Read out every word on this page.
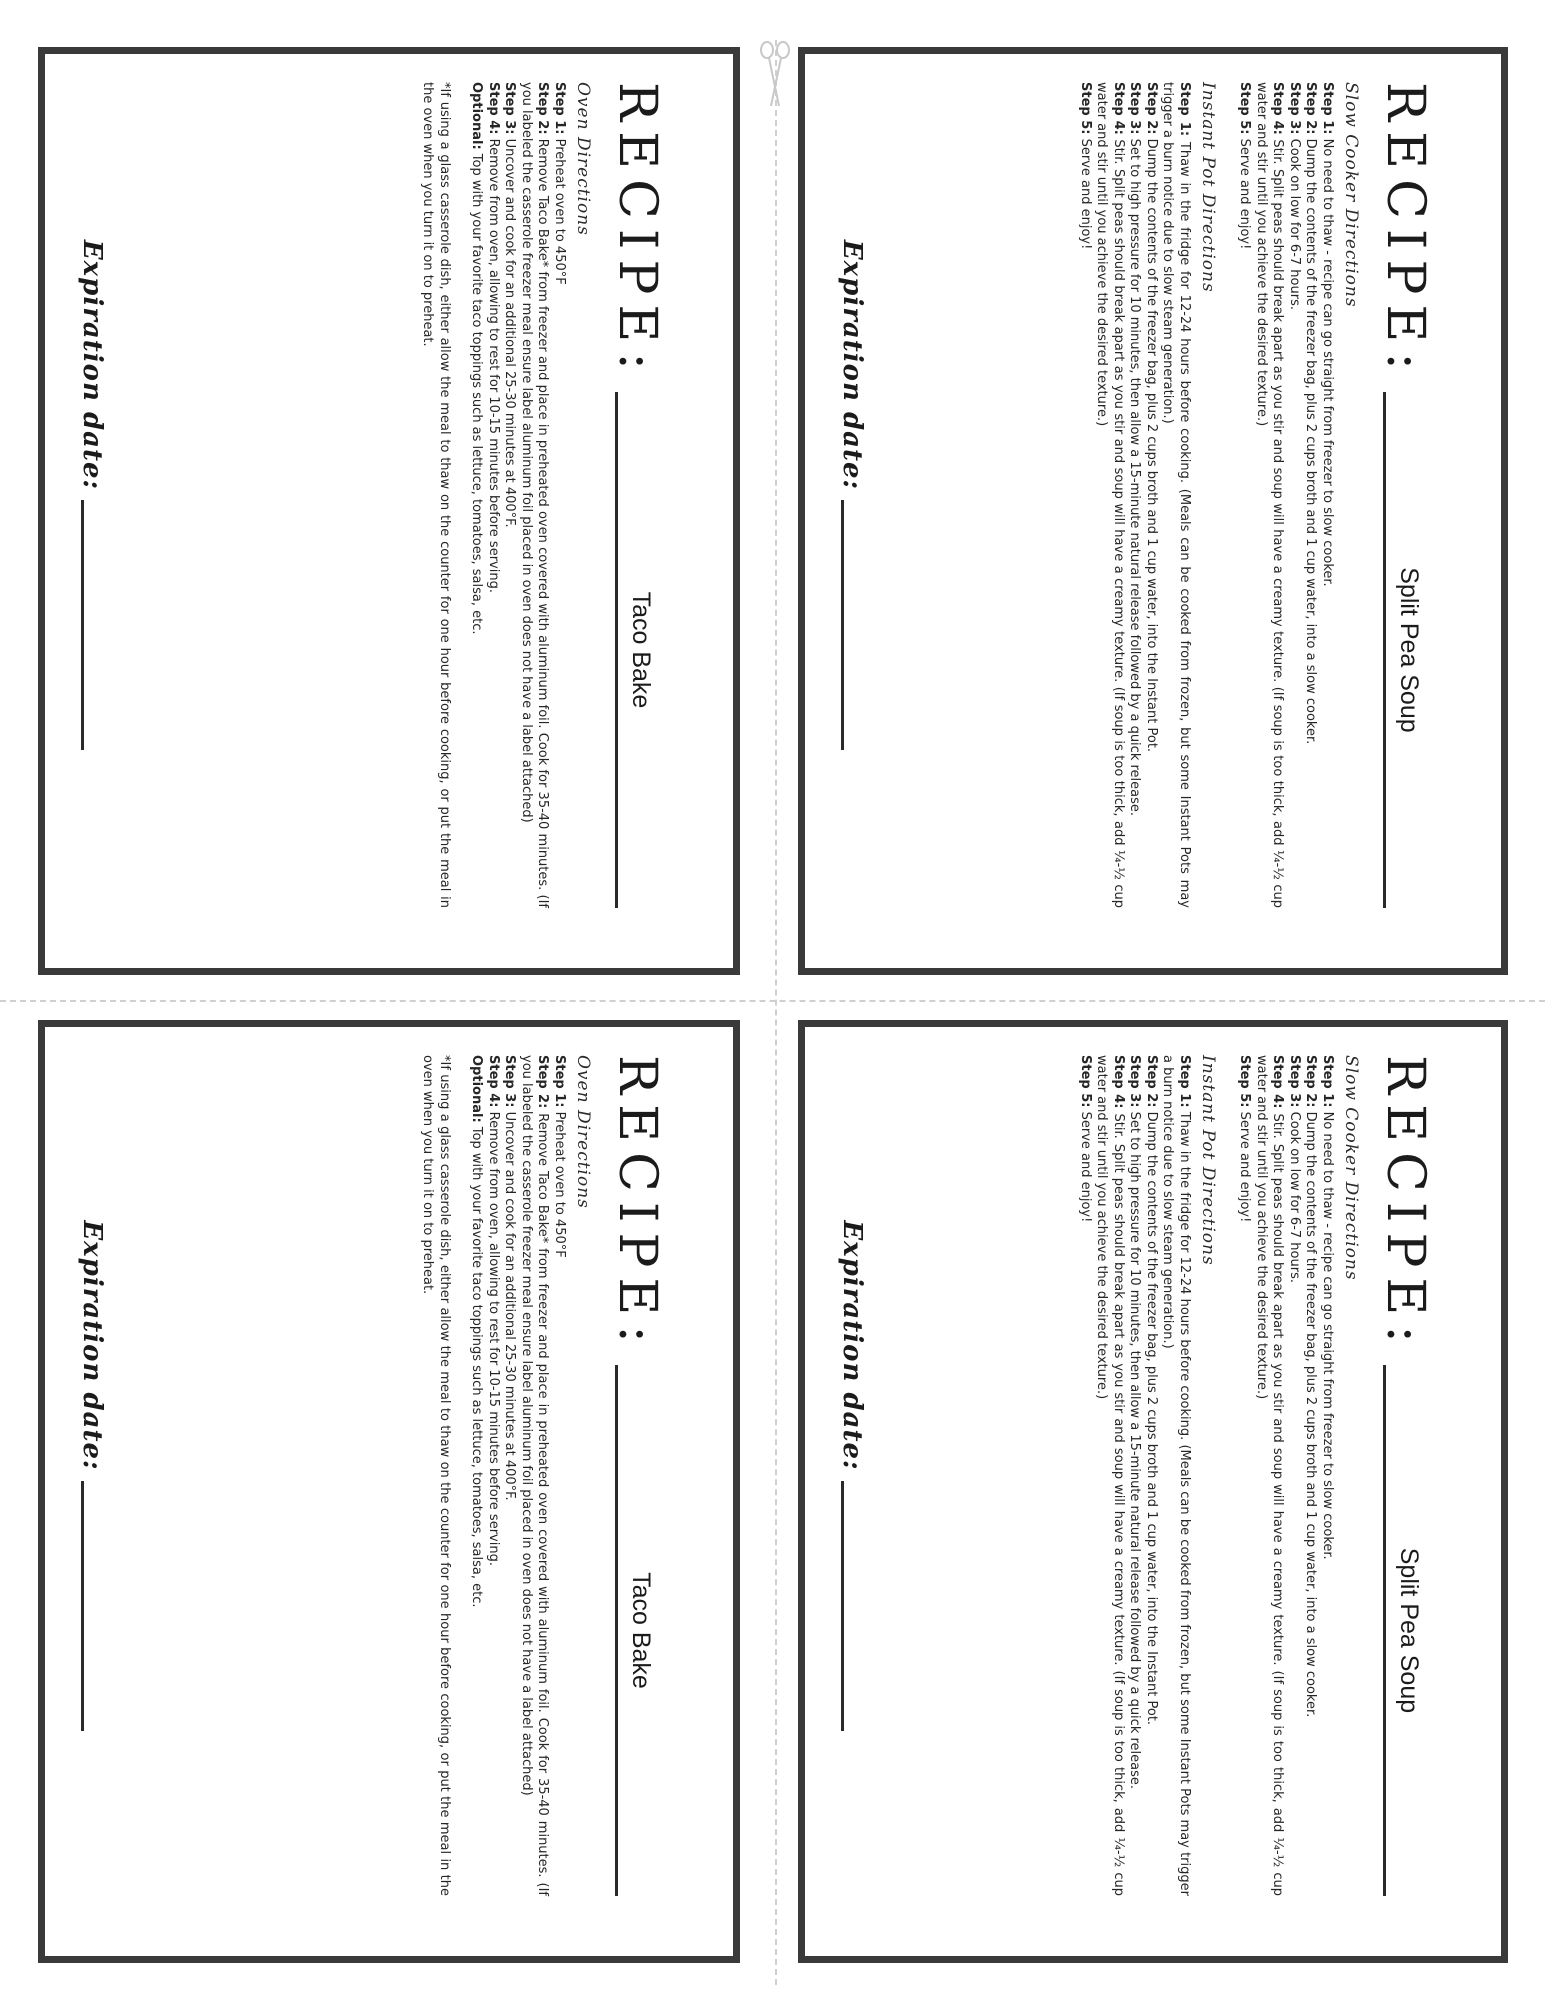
RECIPE:
Split Pea Soup
Slow Cooker Directions

Step 1: No need to thaw - recipe can go straight from freezer to slow cooker.

Step 2: Dump the contents of the freezer bag, plus 2 cups broth and 1 cup water, into a slow cooker.

Step 3: Cook on low for 6-7 hours.

Step 4: Stir. Split peas should break apart as you stir and soup will have a creamy texture. (If soup is too thick, add ¼-½ cup water and stir until you achieve the desired texture.)

Step 5: Serve and enjoy!

Instant Pot Directions

Step 1: Thaw in the fridge for 12-24 hours before cooking. (Meals can be cooked from frozen, but some Instant Pots may trigger a burn notice due to slow steam generation.)

Step 2: Dump the contents of the freezer bag, plus 2 cups broth and 1 cup water, into the Instant Pot.

Step 3: Set to high pressure for 10 minutes, then allow a 15-minute natural release followed by a quick release.

Step 4: Stir. Split peas should break apart as you stir and soup will have a creamy texture. (If soup is too thick, add ¼-½ cup water and stir until you achieve the desired texture.)

Step 5: Serve and enjoy!

Expiration date:
RECIPE:
Taco Bake
Oven Directions

Step 1: Preheat oven to 450°F

Step 2: Remove Taco Bake* from freezer and place in preheated oven covered with aluminum foil. Cook for 35-40 minutes. (If you labeled the casserole freezer meal ensure label aluminum foil placed in oven does not have a label attached)

Step 3: Uncover and cook for an additional 25-30 minutes at 400°F.

Step 4: Remove from oven, allowing to rest for 10-15 minutes before serving.

Optional: Top with your favorite taco toppings such as lettuce, tomatoes, salsa, etc.

*If using a glass casserole dish, either allow the meal to thaw on the counter for one hour before cooking, or put the meal in the oven when you turn it on to preheat.

Expiration date:
RECIPE:
Split Pea Soup
Slow Cooker Directions

Step 1: No need to thaw - recipe can go straight from freezer to slow cooker.

Step 2: Dump the contents of the freezer bag, plus 2 cups broth and 1 cup water, into a slow cooker.

Step 3: Cook on low for 6-7 hours.

Step 4: Stir. Split peas should break apart as you stir and soup will have a creamy texture. (If soup is too thick, add ¼-½ cup water and stir until you achieve the desired texture.)

Step 5: Serve and enjoy!

Instant Pot Directions

Step 1: Thaw in the fridge for 12-24 hours before cooking. (Meals can be cooked from frozen, but some Instant Pots may trigger a burn notice due to slow steam generation.)

Step 2: Dump the contents of the freezer bag, plus 2 cups broth and 1 cup water, into the Instant Pot.

Step 3: Set to high pressure for 10 minutes, then allow a 15-minute natural release followed by a quick release.

Step 4: Stir. Split peas should break apart as you stir and soup will have a creamy texture. (If soup is too thick, add ¼-½ cup water and stir until you achieve the desired texture.)

Step 5: Serve and enjoy!

Expiration date:
RECIPE:
Taco Bake
Oven Directions

Step 1: Preheat oven to 450°F

Step 2: Remove Taco Bake* from freezer and place in preheated oven covered with aluminum foil. Cook for 35-40 minutes. (If you labeled the casserole freezer meal ensure label aluminum foil placed in oven does not have a label attached)

Step 3: Uncover and cook for an additional 25-30 minutes at 400°F.

Step 4: Remove from oven, allowing to rest for 10-15 minutes before serving.

Optional: Top with your favorite taco toppings such as lettuce, tomatoes, salsa, etc.

*If using a glass casserole dish, either allow the meal to thaw on the counter for one hour before cooking, or put the meal in the oven when you turn it on to preheat.

Expiration date:
